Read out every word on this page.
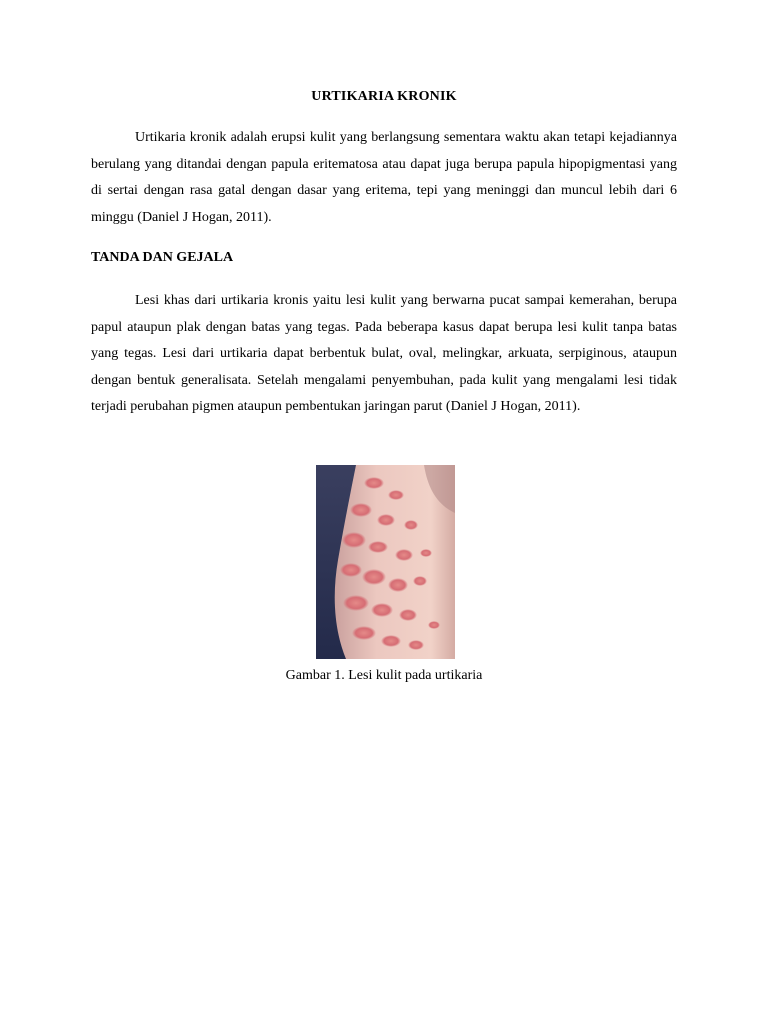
URTIKARIA KRONIK

Urtikaria kronik adalah erupsi kulit yang berlangsung sementara waktu akan tetapi kejadiannya berulang yang ditandai dengan papula eritematosa atau dapat juga berupa papula hipopigmentasi yang di sertai dengan rasa gatal dengan dasar yang eritema, tepi yang meninggi dan muncul lebih dari 6 minggu (Daniel J Hogan, 2011).

TANDA DAN GEJALA

Lesi khas dari urtikaria kronis yaitu lesi kulit yang berwarna pucat sampai kemerahan, berupa papul ataupun plak dengan batas yang tegas. Pada beberapa kasus dapat berupa lesi kulit tanpa batas yang tegas. Lesi dari urtikaria dapat berbentuk bulat, oval, melingkar, arkuata, serpiginous, ataupun dengan bentuk generalisata. Setelah mengalami penyembuhan, pada kulit yang mengalami lesi tidak terjadi perubahan pigmen ataupun pembentukan jaringan parut (Daniel J Hogan, 2011).

Gambar 1. Lesi kulit pada urtikaria
